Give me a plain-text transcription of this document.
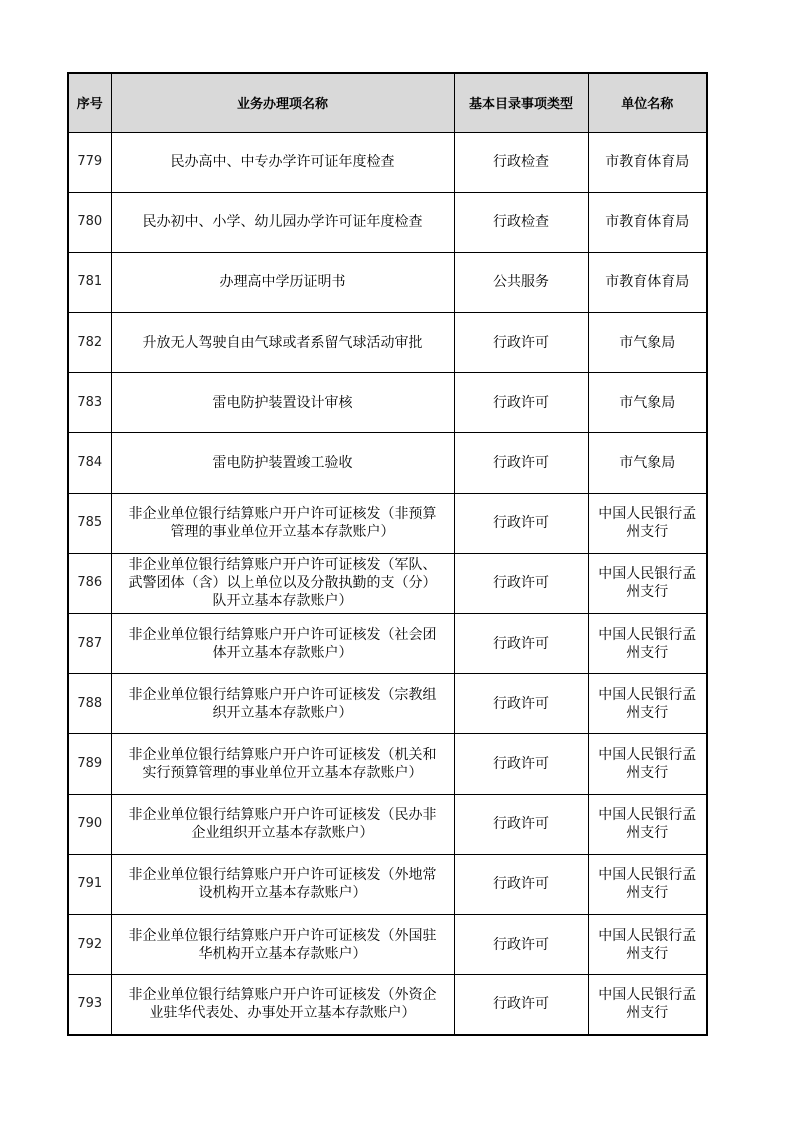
序号	业务办理项名称	基本目录事项类型	单位名称
779	民办高中、中专办学许可证年度检查	行政检查	市教育体育局
780	民办初中、小学、幼儿园办学许可证年度检查	行政检查	市教育体育局
781	办理高中学历证明书	公共服务	市教育体育局
782	升放无人驾驶自由气球或者系留气球活动审批	行政许可	市气象局
783	雷电防护装置设计审核	行政许可	市气象局
784	雷电防护装置竣工验收	行政许可	市气象局
785	非企业单位银行结算账户开户许可证核发（非预算管理的事业单位开立基本存款账户）	行政许可	中国人民银行孟州支行
786	非企业单位银行结算账户开户许可证核发（军队、武警团体（含）以上单位以及分散执勤的支（分）队开立基本存款账户）	行政许可	中国人民银行孟州支行
787	非企业单位银行结算账户开户许可证核发（社会团体开立基本存款账户）	行政许可	中国人民银行孟州支行
788	非企业单位银行结算账户开户许可证核发（宗教组织开立基本存款账户）	行政许可	中国人民银行孟州支行
789	非企业单位银行结算账户开户许可证核发（机关和实行预算管理的事业单位开立基本存款账户）	行政许可	中国人民银行孟州支行
790	非企业单位银行结算账户开户许可证核发（民办非企业组织开立基本存款账户）	行政许可	中国人民银行孟州支行
791	非企业单位银行结算账户开户许可证核发（外地常设机构开立基本存款账户）	行政许可	中国人民银行孟州支行
792	非企业单位银行结算账户开户许可证核发（外国驻华机构开立基本存款账户）	行政许可	中国人民银行孟州支行
793	非企业单位银行结算账户开户许可证核发（外资企业驻华代表处、办事处开立基本存款账户）	行政许可	中国人民银行孟州支行
